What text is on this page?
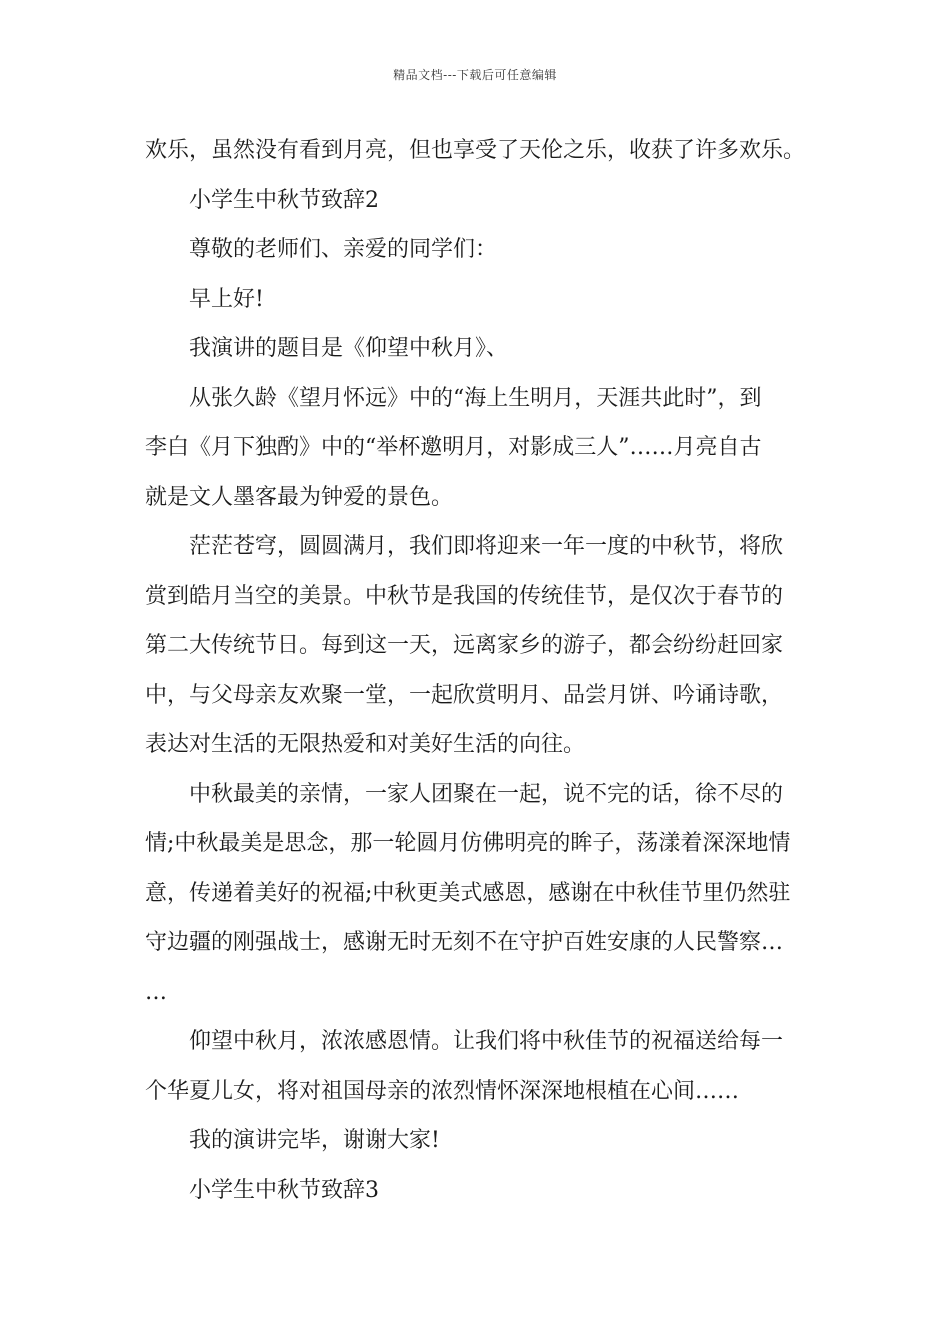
精品文档---下载后可任意编辑
欢乐，虽然没有看到月亮，但也享受了天伦之乐，收获了许多欢乐。
小学生中秋节致辞2
尊敬的老师们、亲爱的同学们：
早上好!
我演讲的题目是《仰望中秋月》、
从张久龄《望月怀远》中的“海上生明月，天涯共此时”，到
李白《月下独酌》中的“举杯邀明月，对影成三人”……月亮自古
就是文人墨客最为钟爱的景色。
茫茫苍穹，圆圆满月，我们即将迎来一年一度的中秋节，将欣
赏到皓月当空的美景。中秋节是我国的传统佳节，是仅次于春节的
第二大传统节日。每到这一天，远离家乡的游子，都会纷纷赶回家
中，与父母亲友欢聚一堂，一起欣赏明月、品尝月饼、吟诵诗歌，
表达对生活的无限热爱和对美好生活的向往。
中秋最美的亲情，一家人团聚在一起，说不完的话，徐不尽的
情;中秋最美是思念，那一轮圆月仿佛明亮的眸子，荡漾着深深地情
意，传递着美好的祝福;中秋更美式感恩，感谢在中秋佳节里仍然驻
守边疆的刚强战士，感谢无时无刻不在守护百姓安康的人民警察…
…
仰望中秋月，浓浓感恩情。让我们将中秋佳节的祝福送给每一
个华夏儿女，将对祖国母亲的浓烈情怀深深地根植在心间……
我的演讲完毕，谢谢大家!
小学生中秋节致辞3
